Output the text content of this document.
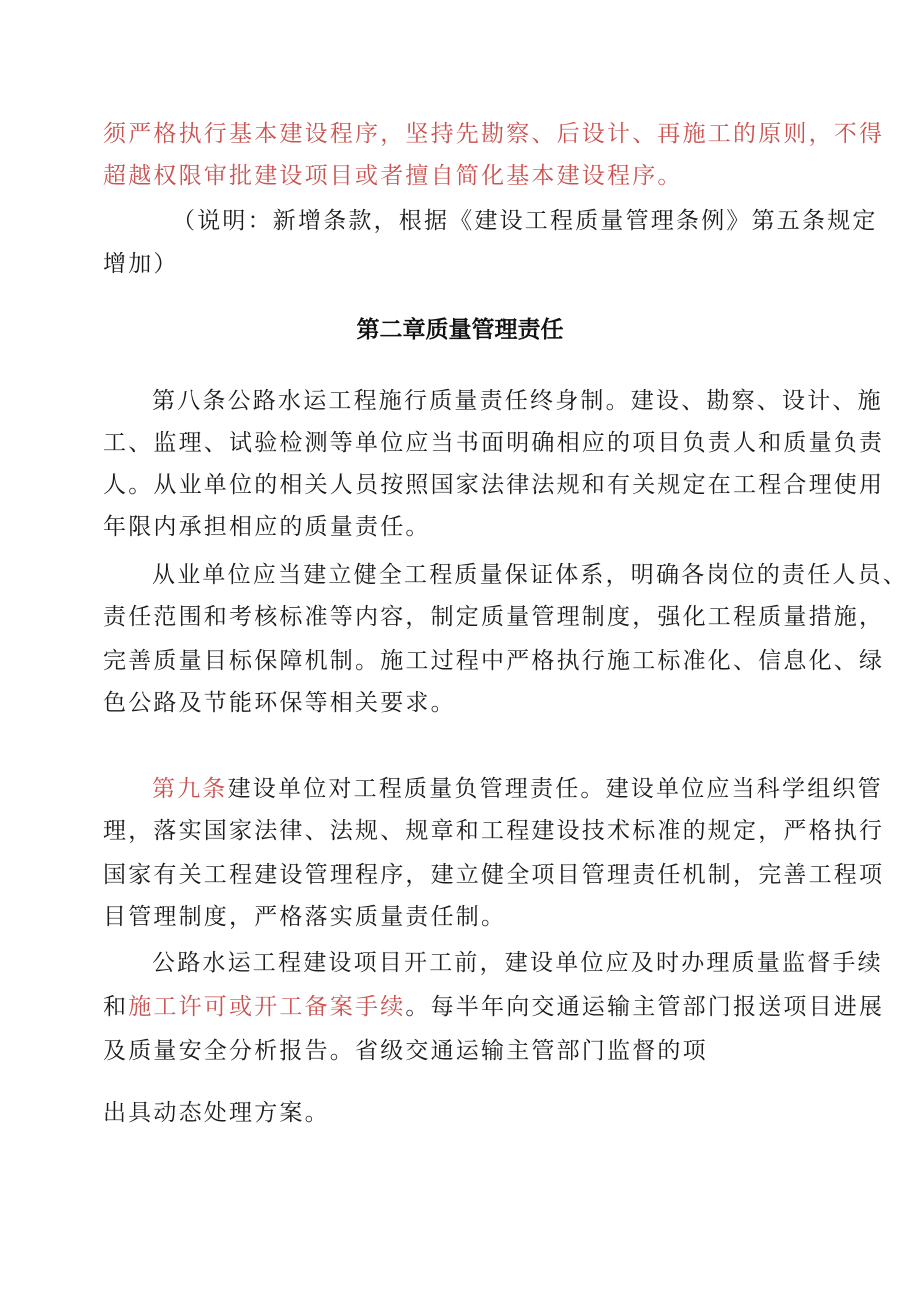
须严格执行基本建设程序，坚持先勘察、后设计、再施工的原则，不得
超越权限审批建设项目或者擅自简化基本建设程序。
（说明：新增条款，根据《建设工程质量管理条例》第五条规定
增加）
第二章质量管理责任
第八条公路水运工程施行质量责任终身制。建设、勘察、设计、施
工、监理、试验检测等单位应当书面明确相应的项目负责人和质量负责
人。从业单位的相关人员按照国家法律法规和有关规定在工程合理使用
年限内承担相应的质量责任。
从业单位应当建立健全工程质量保证体系，明确各岗位的责任人员、
责任范围和考核标准等内容，制定质量管理制度，强化工程质量措施，
完善质量目标保障机制。施工过程中严格执行施工标准化、信息化、绿
色公路及节能环保等相关要求。
第九条建设单位对工程质量负管理责任。建设单位应当科学组织管
理，落实国家法律、法规、规章和工程建设技术标准的规定，严格执行
国家有关工程建设管理程序，建立健全项目管理责任机制，完善工程项
目管理制度，严格落实质量责任制。
公路水运工程建设项目开工前，建设单位应及时办理质量监督手续
和施工许可或开工备案手续。每半年向交通运输主管部门报送项目进展
及质量安全分析报告。省级交通运输主管部门监督的项
出具动态处理方案。
